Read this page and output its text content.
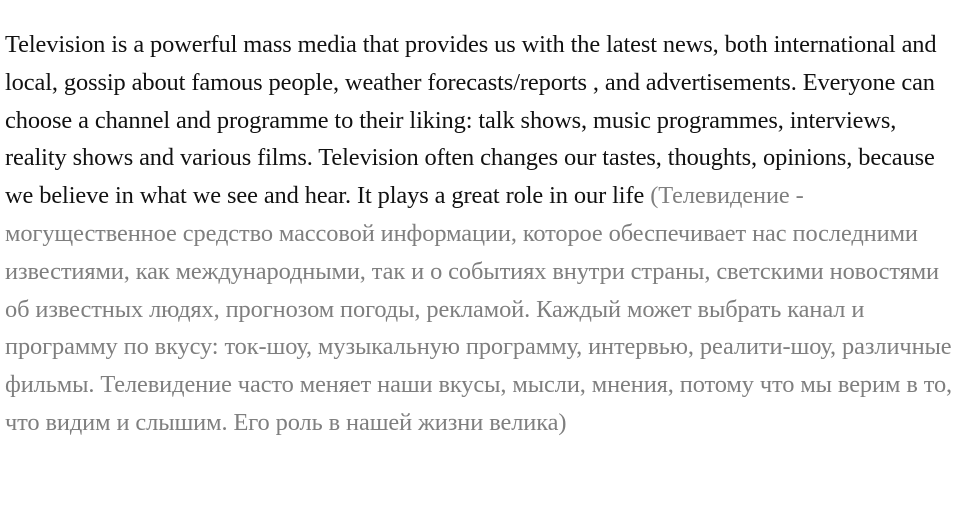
Television is a powerful mass media that provides us with the latest news, both international and local, gossip about famous people, weather forecasts/reports , and advertisements. Everyone can choose a channel and programme to their liking: talk shows, music programmes, interviews, reality shows and various films. Television often changes our tastes, thoughts, opinions, because we believe in what we see and hear. It plays a great role in our life (Телевидение - могущественное средство массовой информации, которое обеспечивает нас последними известиями, как международными, так и о событиях внутри страны, светскими новостями об известных людях, прогнозом погоды, рекламой. Каждый может выбрать канал и программу по вкусу: ток-шоу, музыкальную программу, интервью, реалити-шоу, различные фильмы. Телевидение часто меняет наши вкусы, мысли, мнения, потому что мы верим в то, что видим и слышим. Его роль в нашей жизни велика)
